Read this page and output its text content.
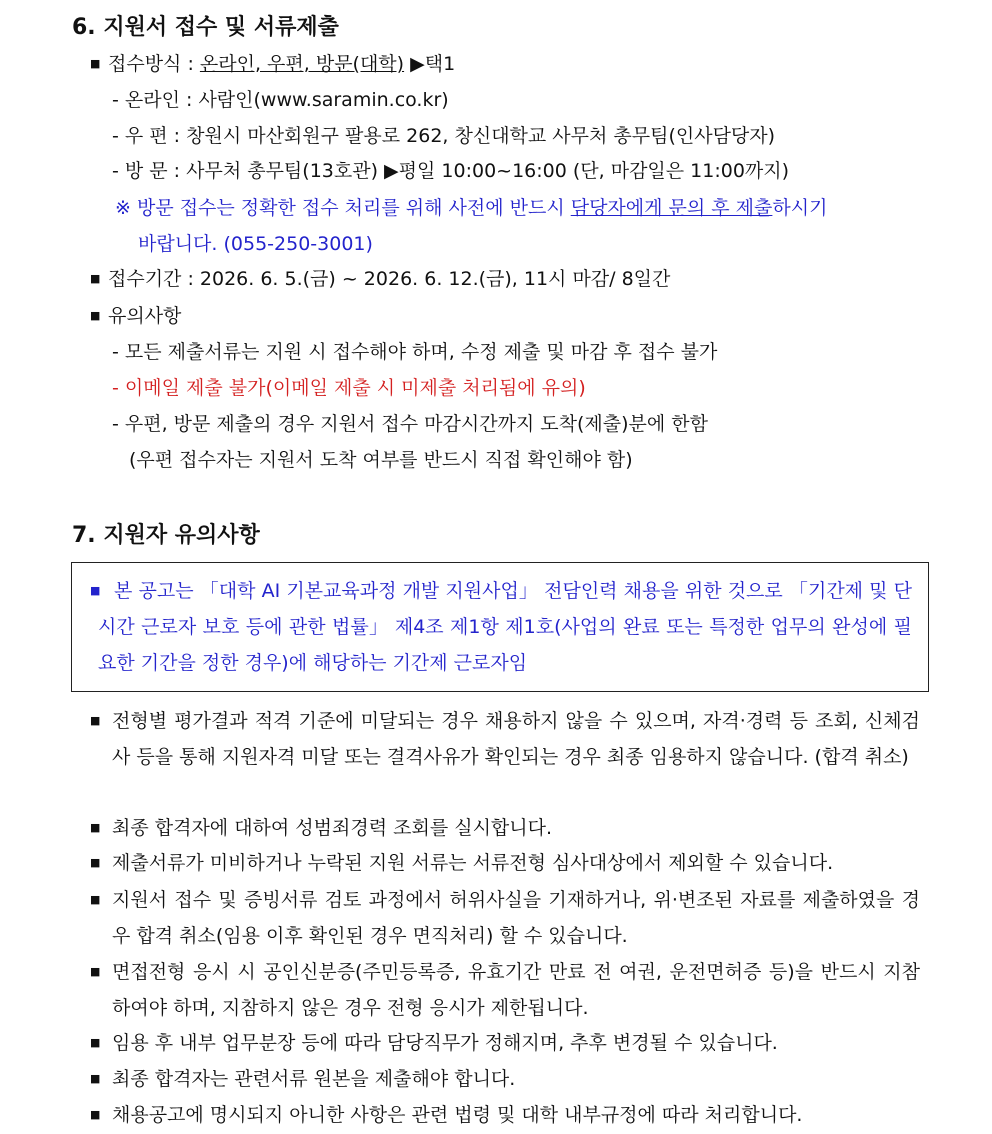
6. 지원서 접수 및 서류제출
■ 접수방식 : 온라인, 우편, 방문(대학) ▶택1
- 온라인 : 사람인(www.saramin.co.kr)
- 우 편 : 창원시 마산회원구 팔용로 262, 창신대학교 사무처 총무팀(인사담당자)
- 방 문 : 사무처 총무팀(13호관) ▶평일 10:00~16:00 (단, 마감일은 11:00까지)
※ 방문 접수는 정확한 접수 처리를 위해 사전에 반드시 담당자에게 문의 후 제출하시기
바랍니다. (055-250-3001)
■ 접수기간 : 2026. 6. 5.(금) ~ 2026. 6. 12.(금), 11시 마감/ 8일간
■ 유의사항
- 모든 제출서류는 지원 시 접수해야 하며, 수정 제출 및 마감 후 접수 불가
- 이메일 제출 불가(이메일 제출 시 미제출 처리됨에 유의)
- 우편, 방문 제출의 경우 지원서 접수 마감시간까지 도착(제출)분에 한함
(우편 접수자는 지원서 도착 여부를 반드시 직접 확인해야 함)
7. 지원자 유의사항
■ 본 공고는 「대학 AI 기본교육과정 개발 지원사업」 전담인력 채용을 위한 것으로 「기간제 및 단시간 근로자 보호 등에 관한 법률」 제4조 제1항 제1호(사업의 완료 또는 특정한 업무의 완성에 필요한 기간을 정한 경우)에 해당하는 기간제 근로자임
■ 전형별 평가결과 적격 기준에 미달되는 경우 채용하지 않을 수 있으며, 자격·경력 등 조회, 신체검사 등을 통해 지원자격 미달 또는 결격사유가 확인되는 경우 최종 임용하지 않습니다. (합격 취소)
■ 최종 합격자에 대하여 성범죄경력 조회를 실시합니다.
■ 제출서류가 미비하거나 누락된 지원 서류는 서류전형 심사대상에서 제외할 수 있습니다.
■ 지원서 접수 및 증빙서류 검토 과정에서 허위사실을 기재하거나, 위·변조된 자료를 제출하였을 경우 합격 취소(임용 이후 확인된 경우 면직처리) 할 수 있습니다.
■ 면접전형 응시 시 공인신분증(주민등록증, 유효기간 만료 전 여권, 운전면허증 등)을 반드시 지참하여야 하며, 지참하지 않은 경우 전형 응시가 제한됩니다.
■ 임용 후 내부 업무분장 등에 따라 담당직무가 정해지며, 추후 변경될 수 있습니다.
■ 최종 합격자는 관련서류 원본을 제출해야 합니다.
■ 채용공고에 명시되지 아니한 사항은 관련 법령 및 대학 내부규정에 따라 처리합니다.
